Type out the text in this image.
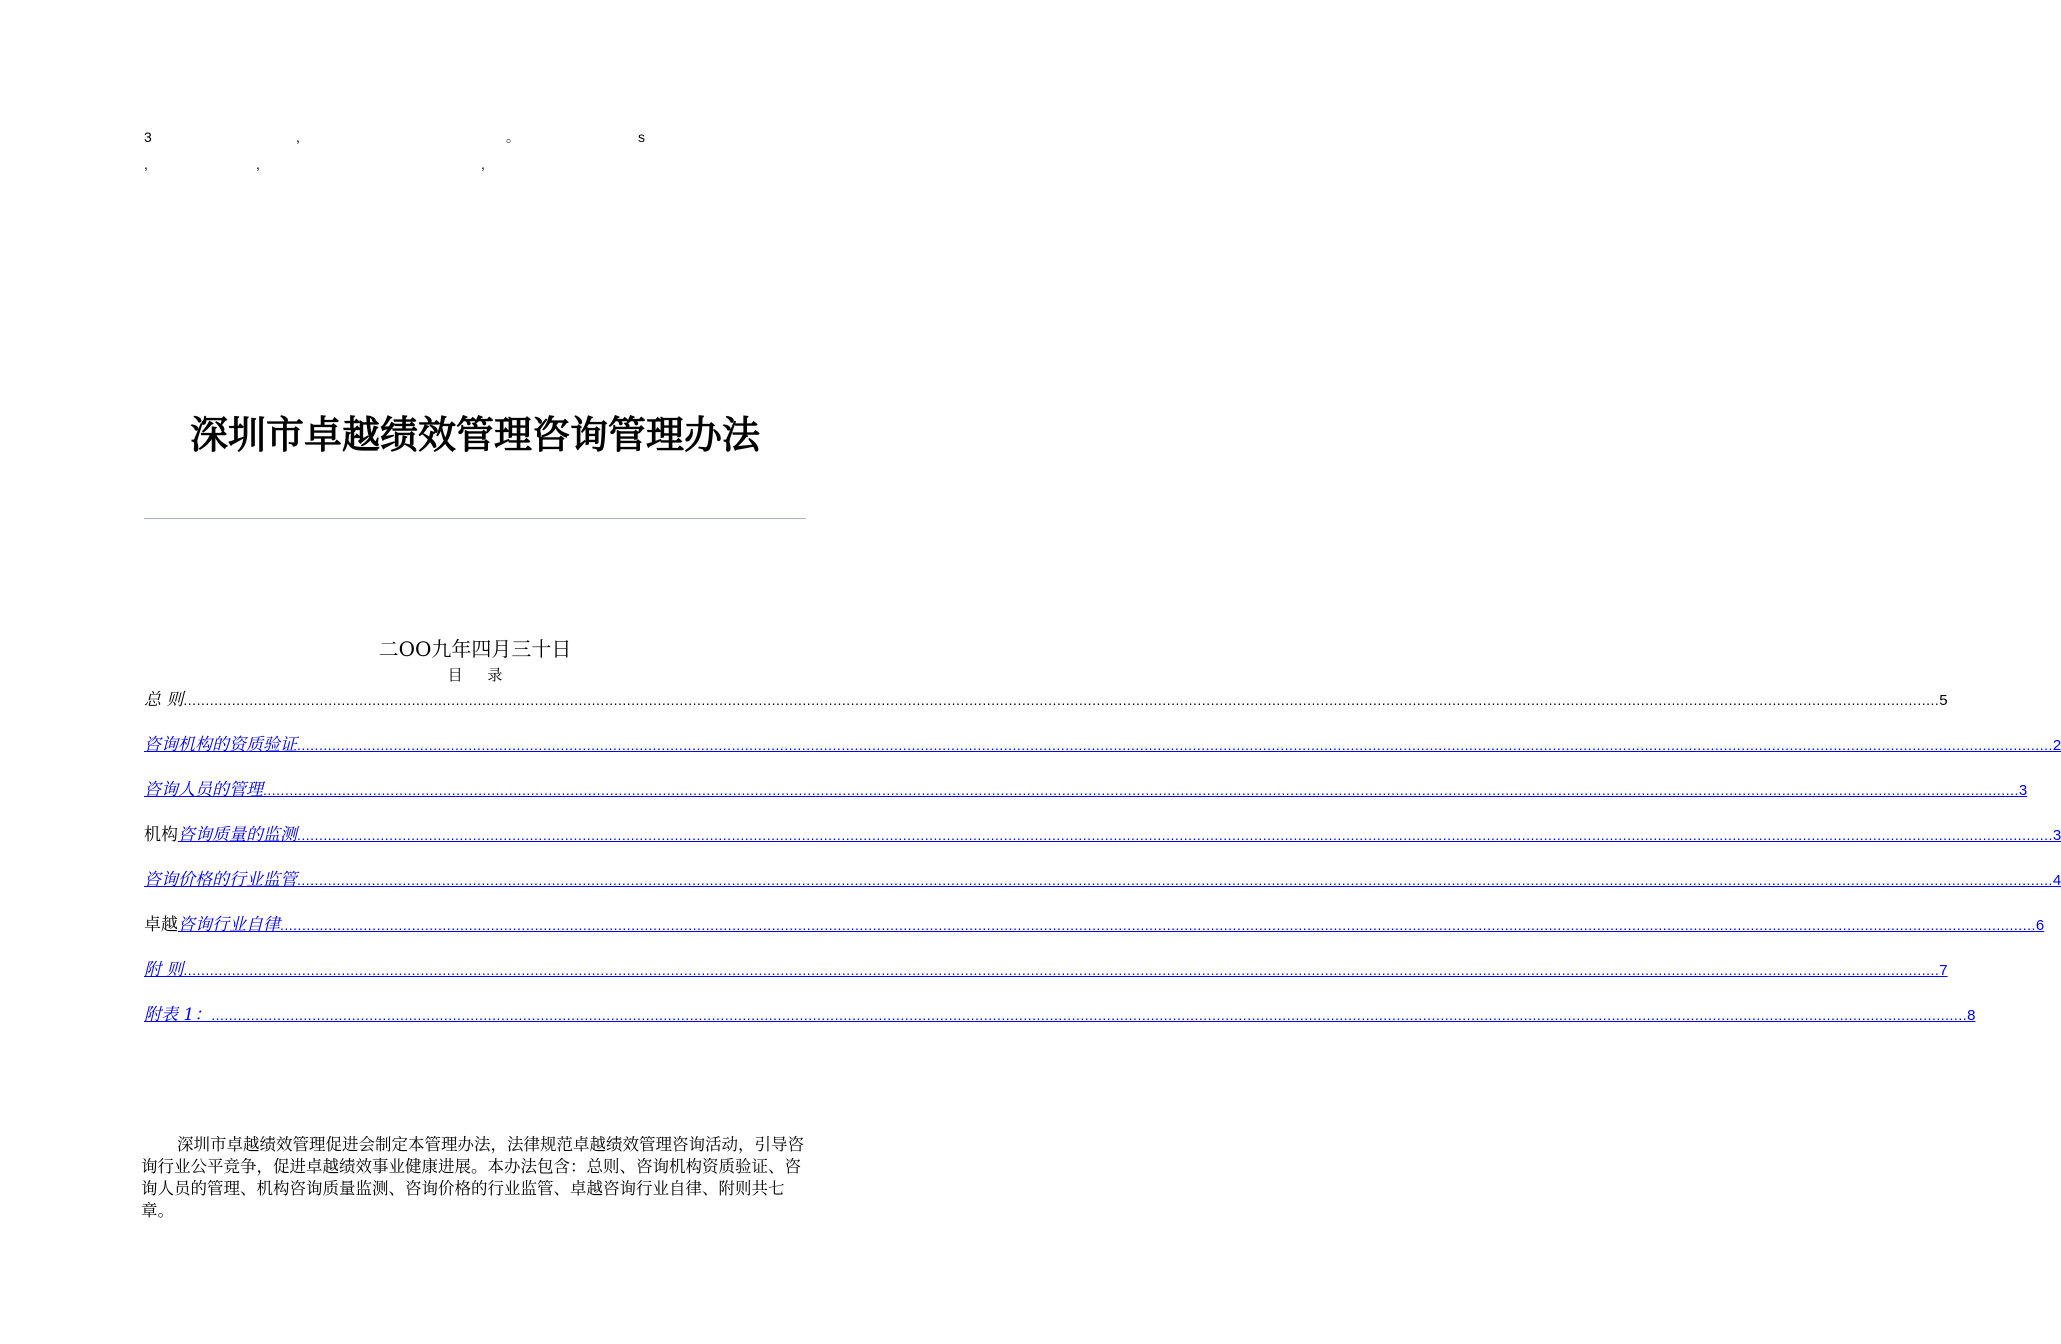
3	,	。	s
,	,	,
深圳市卓越绩效管理咨询管理办法
二OO九年四月三十日
目 录
总 则 ................................................................................................................................................................................................................................................................................................................................................................................................................ 5
咨询机构的资质验证 ................................................................................................................................................................................................................................................................................................................................................................................................................ 2
咨询人员的管理 ................................................................................................................................................................................................................................................................................................................................................................................................................ 3
机构 咨询质量的监测 ................................................................................................................................................................................................................................................................................................................................................................................................................ 3
咨询价格的行业监管 ................................................................................................................................................................................................................................................................................................................................................................................................................ 4
卓越 咨询行业自律 ................................................................................................................................................................................................................................................................................................................................................................................................................ 6
附 则 ................................................................................................................................................................................................................................................................................................................................................................................................................ 7
附表 1： ................................................................................................................................................................................................................................................................................................................................................................................................................ 8

深圳市卓越绩效管理促进会制定本管理办法，法律规范卓越绩效管理咨询活动，引导咨询行业公平竞争，促进卓越绩效事业健康进展。本办法包含：总则、咨询机构资质验证、咨询人员的管理、机构咨询质量监测、咨询价格的行业监管、卓越咨询行业自律、附则共七章。
